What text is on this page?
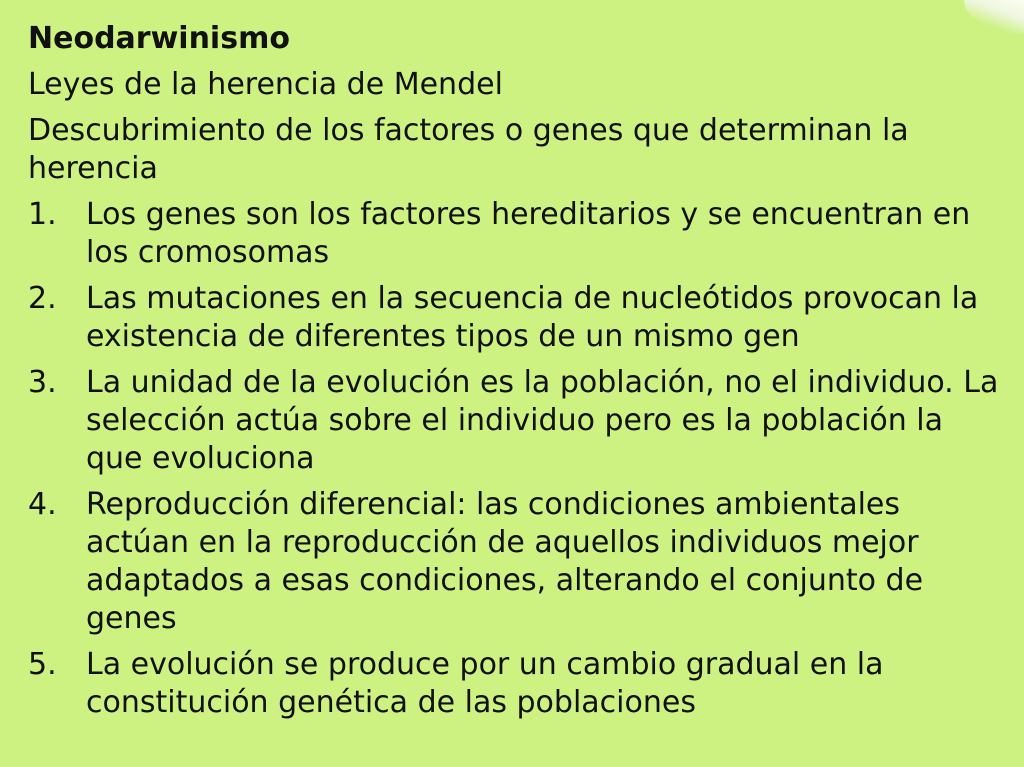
Neodarwinismo
Leyes de la herencia de Mendel
Descubrimiento de los factores o genes que determinan la herencia
1. Los genes son los factores hereditarios y se encuentran en los cromosomas
2. Las mutaciones en la secuencia de nucleótidos provocan la existencia de diferentes tipos de un mismo gen
3. La unidad de la evolución es la población, no el individuo. La selección actúa sobre el individuo pero es la población la que evoluciona
4. Reproducción diferencial: las condiciones ambientales actúan en la reproducción de aquellos individuos mejor adaptados a esas condiciones, alterando el conjunto de genes
5. La evolución se produce por un cambio gradual en la constitución genética de las poblaciones
